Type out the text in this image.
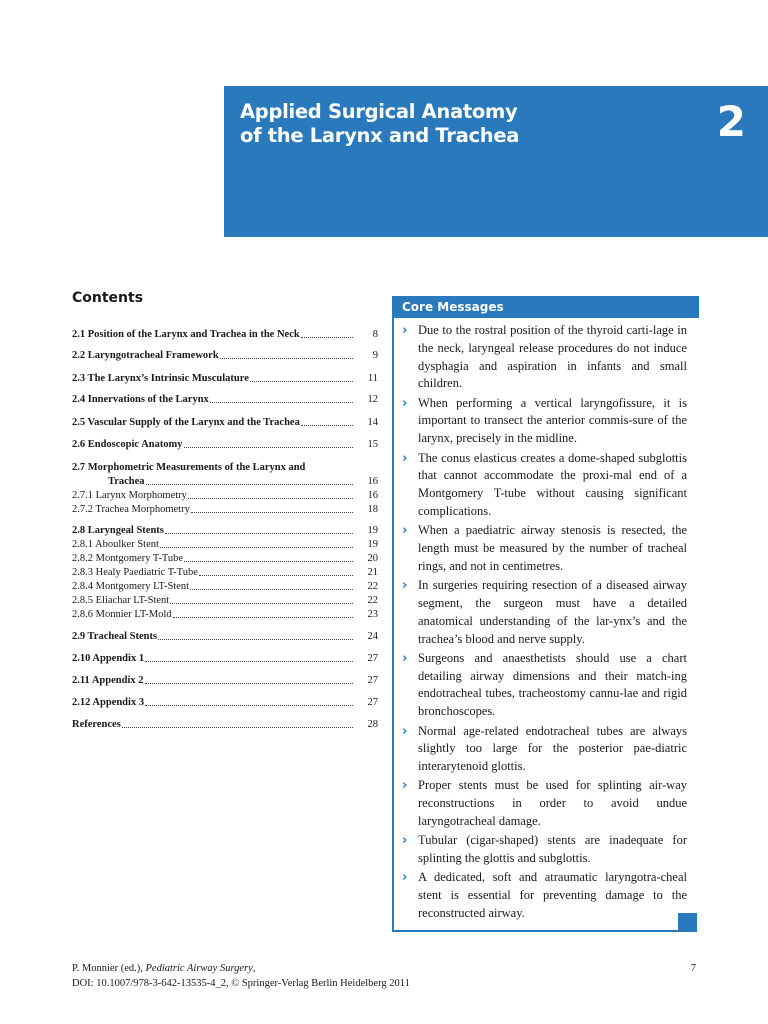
Applied Surgical Anatomy
of the Larynx and Trachea	2
Contents
2.1 Position of the Larynx and Trachea in the Neck	8
2.2 Laryngotracheal Framework	9
2.3 The Larynx’s Intrinsic Musculature	11
2.4 Innervations of the Larynx	12
2.5 Vascular Supply of the Larynx and the Trachea	14
2.6 Endoscopic Anatomy	15
2.7 Morphometric Measurements of the Larynx and
Trachea	16
2.7.1 Larynx Morphometry	16
2.7.2 Trachea Morphometry	18
2.8 Laryngeal Stents	19
2.8.1 Aboulker Stent	19
2.8.2 Montgomery T-Tube	20
2.8.3 Healy Paediatric T-Tube	21
2.8.4 Montgomery LT-Stent	22
2.8.5 Eliachar LT-Stent	22
2.8.6 Monnier LT-Mold	23
2.9 Tracheal Stents	24
2.10 Appendix 1	27
2.11 Appendix 2	27
2.12 Appendix 3	27
References	28
Core Messages
› Due to the rostral position of the thyroid carti-lage in the neck, laryngeal release procedures do not induce dysphagia and aspiration in infants and small children.
› When performing a vertical laryngofissure, it is important to transect the anterior commis-sure of the larynx, precisely in the midline.
› The conus elasticus creates a dome-shaped subglottis that cannot accommodate the proxi-mal end of a Montgomery T-tube without causing significant complications.
› When a paediatric airway stenosis is resected, the length must be measured by the number of tracheal rings, and not in centimetres.
› In surgeries requiring resection of a diseased airway segment, the surgeon must have a detailed anatomical understanding of the lar-ynx’s and the trachea’s blood and nerve supply.
› Surgeons and anaesthetists should use a chart detailing airway dimensions and their match-ing endotracheal tubes, tracheostomy cannu-lae and rigid bronchoscopes.
› Normal age-related endotracheal tubes are always slightly too large for the posterior pae-diatric interarytenoid glottis.
› Proper stents must be used for splinting air-way reconstructions in order to avoid undue laryngotracheal damage.
› Tubular (cigar-shaped) stents are inadequate for splinting the glottis and subglottis.
› A dedicated, soft and atraumatic laryngotra-cheal stent is essential for preventing damage to the reconstructed airway.
P. Monnier (ed.), Pediatric Airway Surgery,
DOI: 10.1007/978-3-642-13535-4_2, © Springer-Verlag Berlin Heidelberg 2011
7
